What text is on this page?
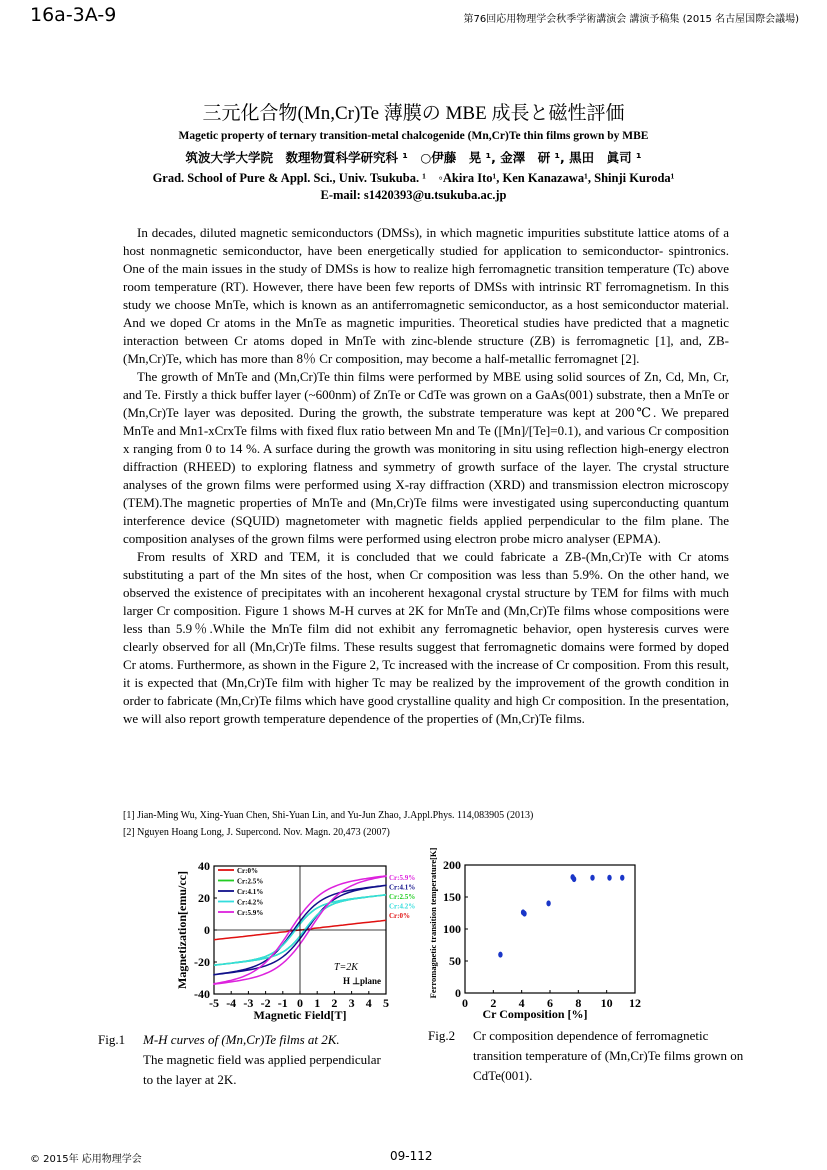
16a-3A-9	第76回応用物理学会秋季学術講演会 講演予稿集 (2015 名古屋国際会議場)
三元化合物(Mn,Cr)Te 薄膜の MBE 成長と磁性評価
Magetic property of ternary transition-metal chalcogenide (Mn,Cr)Te thin films grown by MBE
筑波大学大学院　数理物質科学研究科 ¹　○伊藤　晃 ¹, 金澤　研 ¹, 黒田　眞司 ¹
Grad. School of Pure & Appl. Sci., Univ. Tsukuba. ¹　◦Akira Ito¹, Ken Kanazawa¹, Shinji Kuroda¹
E-mail: s1420393@u.tsukuba.ac.jp

In decades, diluted magnetic semiconductors (DMSs), in which magnetic impurities substitute lattice atoms of a host nonmagnetic semiconductor, have been energetically studied for application to semiconductor- spintronics. One of the main issues in the study of DMSs is how to realize high ferromagnetic transition temperature (Tc) above room temperature (RT). However, there have been few reports of DMSs with intrinsic RT ferromagnetism. In this study we choose MnTe, which is known as an antiferromagnetic semiconductor, as a host semiconductor material. And we doped Cr atoms in the MnTe as magnetic impurities. Theoretical studies have predicted that a magnetic interaction between Cr atoms doped in MnTe with zinc-blende structure (ZB) is ferromagnetic [1], and, ZB-(Mn,Cr)Te, which has more than 8％ Cr composition, may become a half-metallic ferromagnet [2].

The growth of MnTe and (Mn,Cr)Te thin films were performed by MBE using solid sources of Zn, Cd, Mn, Cr, and Te. Firstly a thick buffer layer (~600nm) of ZnTe or CdTe was grown on a GaAs(001) substrate, then a MnTe or (Mn,Cr)Te layer was deposited. During the growth, the substrate temperature was kept at 200℃. We prepared MnTe and Mn1-xCrxTe films with fixed flux ratio between Mn and Te ([Mn]/[Te]=0.1), and various Cr composition x ranging from 0 to 14 %. A surface during the growth was monitoring in situ using reflection high-energy electron diffraction (RHEED) to exploring flatness and symmetry of growth surface of the layer. The crystal structure analyses of the grown films were performed using X-ray diffraction (XRD) and transmission electron microscopy (TEM).The magnetic properties of MnTe and (Mn,Cr)Te films were investigated using superconducting quantum interference device (SQUID) magnetometer with magnetic fields applied perpendicular to the film plane. The composition analyses of the grown films were performed using electron probe micro analyser (EPMA).

From results of XRD and TEM, it is concluded that we could fabricate a ZB-(Mn,Cr)Te with Cr atoms substituting a part of the Mn sites of the host, when Cr composition was less than 5.9%. On the other hand, we observed the existence of precipitates with an incoherent hexagonal crystal structure by TEM for films with much larger Cr composition. Figure 1 shows M-H curves at 2K for MnTe and (Mn,Cr)Te films whose compositions were less than 5.9％.While the MnTe film did not exhibit any ferromagnetic behavior, open hysteresis curves were clearly observed for all (Mn,Cr)Te films. These results suggest that ferromagnetic domains were formed by doped Cr atoms. Furthermore, as shown in the Figure 2, Tc increased with the increase of Cr composition. From this result, it is expected that (Mn,Cr)Te film with higher Tc may be realized by the improvement of the growth condition in order to fabricate (Mn,Cr)Te films which have good crystalline quality and high Cr composition. In the presentation, we will also report growth temperature dependence of the properties of (Mn,Cr)Te films.

[1] Jian-Ming Wu, Xing-Yuan Chen, Shi-Yuan Lin, and Yu-Jun Zhao, J.Appl.Phys. 114,083905 (2013)
[2] Nguyen Hoang Long, J. Supercond. Nov. Magn. 20,473 (2007)
-5 -4 -3 -2 -1 0 1 2 3 4 5
-40
-20
0
20
40	Cr:0%
Cr:2.5%
Cr:4.1%
Cr:4.2%
Cr:5.9%
Cr:5.9%
Cr:4.1%
Cr:2.5%
Cr:4.2%
Cr:0%
T=2K
H ⊥plane
Magnetic Field[T]
Magnetization[emu/cc]
0 2 4 6 8 10 12
0
50
100
150
200
Cr Composition [%]
Ferromagnetic transition temperature[K]
Fig.1 M-H curves of (Mn,Cr)Te films at 2K.
The magnetic field was applied perpendicular
to the layer at 2K.
Fig.2 Cr composition dependence of ferromagnetic
transition temperature of (Mn,Cr)Te films grown on
CdTe(001).
© 2015年 応用物理学会	09-112
